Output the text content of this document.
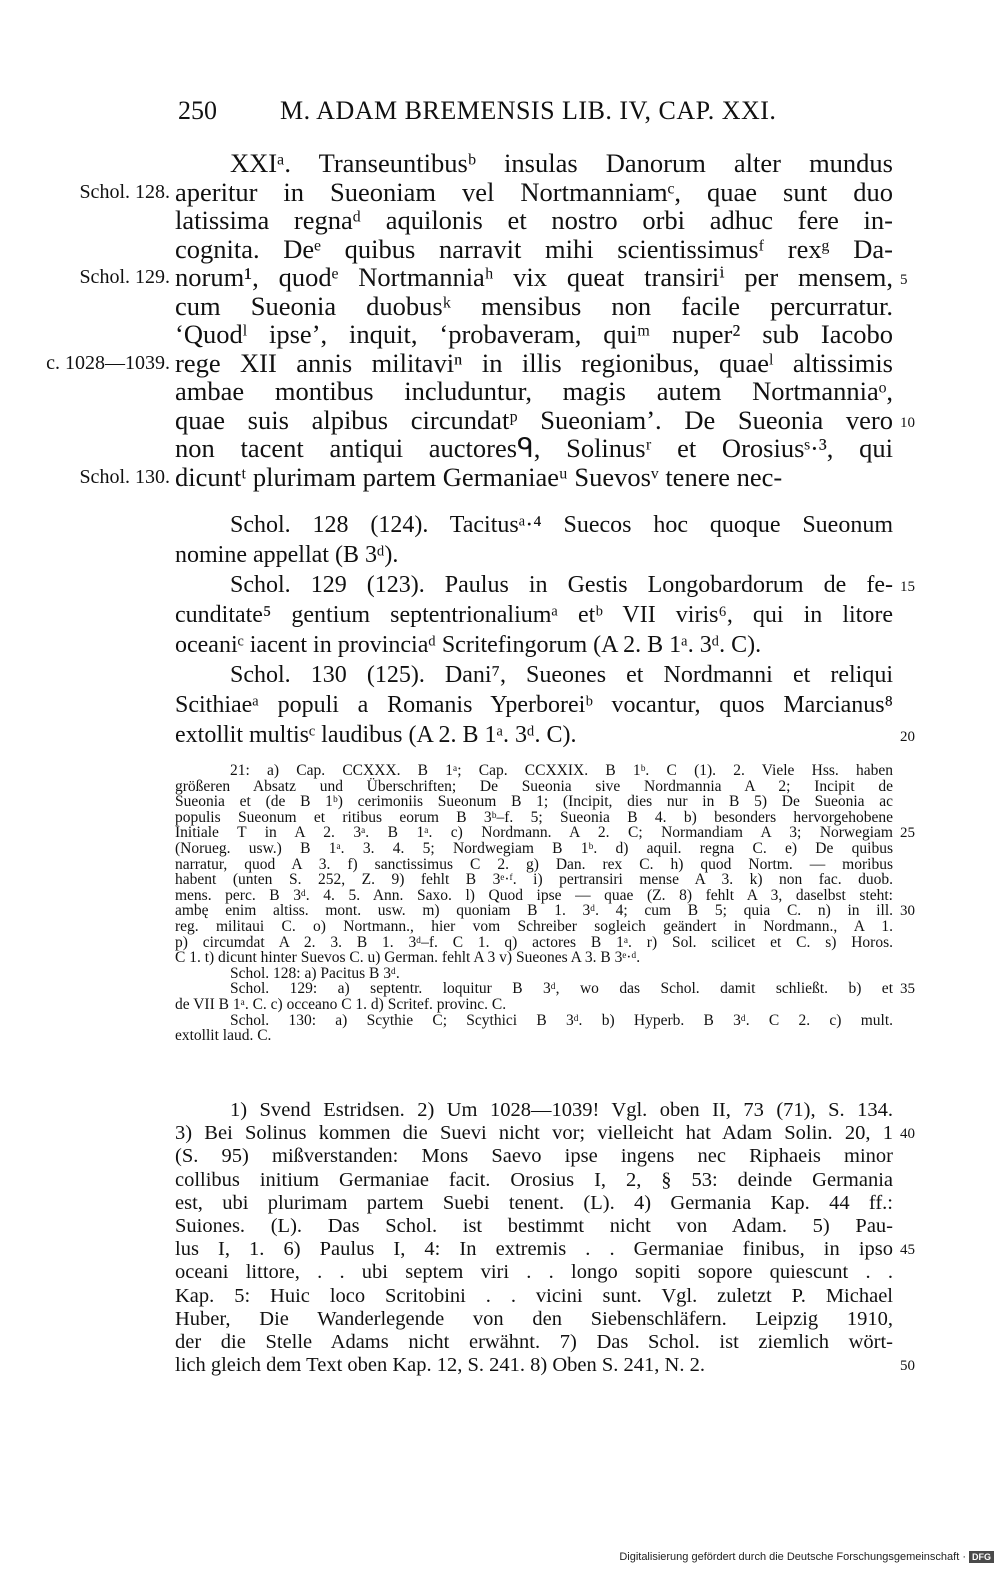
250 M. ADAM BREMENSIS LIB. IV, CAP. XXI.
XXIᵃ. Transeuntibusᵇ insulas Danorum alter mundus
aperitur in Sueoniam vel Nortmanniamᶜ, quae sunt duo
latissima regnaᵈ aquilonis et nostro orbi adhuc fere in-
cognita. Deᵉ quibus narravit mihi scientissimusᶠ rexᵍ Da-
norum¹, quodᵉ Nortmanniaʰ vix queat transiriⁱ per mensem,
cum Sueonia duobusᵏ mensibus non facile percurratur.
‘Quodˡ ipse’, inquit, ‘probaveram, quiᵐ nuper² sub Iacobo
rege XII annis militaviⁿ in illis regionibus, quaeˡ altissimis
ambae montibus includuntur, magis autem Nortmanniaᵒ,
quae suis alpibus circundatᵖ Sueoniam’. De Sueonia vero
non tacent antiqui auctoresᑫ, Solinusʳ et Orosiusˢ·³, qui
dicuntᵗ plurimam partem Germaniaeᵘ Suevosᵛ tenere nec-
Schol. 128.
Schol. 129.
c. 1028—1039.
Schol. 130.
5
10
Schol. 128 (124). Tacitusᵃ·⁴ Suecos hoc quoque Sueonum
nomine appellat (B 3ᵈ).
Schol. 129 (123). Paulus in Gestis Longobardorum de fe-
cunditate⁵ gentium septentrionaliumᵃ etᵇ VII viris⁶, qui in litore
oceaniᶜ iacent in provinciaᵈ Scritefingorum (A 2. B 1ᵃ. 3ᵈ. C).
Schol. 130 (125). Dani⁷, Sueones et Nordmanni et reliqui
Scithiaeᵃ populi a Romanis Yperboreiᵇ vocantur, quos Marcianus⁸
extollit multisᶜ laudibus (A 2. B 1ᵃ. 3ᵈ. C).
15
20
21: a) Cap. CCXXX. B 1ᵃ; Cap. CCXXIX. B 1ᵇ. C (1). 2. Viele Hss. haben
größeren Absatz und Überschriften; De Sueonia sive Nordmannia A 2; Incipit de
Sueonia et (de B 1ᵇ) cerimoniis Sueonum B 1; (Incipit, dies nur in B 5) De Sueonia ac
populis Sueonum et ritibus eorum B 3ᵇ–f. 5; Sueonia B 4. b) besonders hervorgehobene
Initiale T in A 2. 3ᵃ. B 1ᵃ. c) Nordmann. A 2. C; Normandiam A 3; Norwegiam
(Norueg. usw.) B 1ᵃ. 3. 4. 5; Nordwegiam B 1ᵇ. d) aquil. regna C. e) De quibus
narratur, quod A 3. f) sanctissimus C 2. g) Dan. rex C. h) quod Nortm. — moribus
habent (unten S. 252, Z. 9) fehlt B 3ᵉ·ᶠ. i) pertransiri mense A 3. k) non fac. duob.
mens. perc. B 3ᵈ. 4. 5. Ann. Saxo. l) Quod ipse — quae (Z. 8) fehlt A 3, daselbst steht:
ambę enim altiss. mont. usw. m) quoniam B 1. 3ᵈ. 4; cum B 5; quia C. n) in ill.
reg. militaui C. o) Nortmann., hier vom Schreiber sogleich geändert in Nordmann., A 1.
p) circumdat A 2. 3. B 1. 3ᵈ–f. C 1. q) actores B 1ᵃ. r) Sol. scilicet et C. s) Horos.
C 1. t) dicunt hinter Suevos C. u) German. fehlt A 3 v) Sueones A 3. B 3ᵉ·ᵈ.
Schol. 128: a) Pacitus B 3ᵈ.
Schol. 129: a) septentr. loquitur B 3ᵈ, wo das Schol. damit schließt. b) et
de VII B 1ᵃ. C. c) occeano C 1. d) Scritef. provinc. C.
Schol. 130: a) Scythie C; Scythici B 3ᵈ. b) Hyperb. B 3ᵈ. C 2. c) mult.
extollit laud. C.
25
30
35
1) Svend Estridsen. 2) Um 1028—1039! Vgl. oben II, 73 (71), S. 134.
3) Bei Solinus kommen die Suevi nicht vor; vielleicht hat Adam Solin. 20, 1
(S. 95) mißverstanden: Mons Saevo ipse ingens nec Riphaeis minor
collibus initium Germaniae facit. Orosius I, 2, § 53: deinde Germania
est, ubi plurimam partem Suebi tenent. (L). 4) Germania Kap. 44 ff.:
Suiones. (L). Das Schol. ist bestimmt nicht von Adam. 5) Pau-
lus I, 1. 6) Paulus I, 4: In extremis . . Germaniae finibus, in ipso
oceani littore, . . ubi septem viri . . longo sopiti sopore quiescunt . .
Kap. 5: Huic loco Scritobini . . vicini sunt. Vgl. zuletzt P. Michael
Huber, Die Wanderlegende von den Siebenschläfern. Leipzig 1910,
der die Stelle Adams nicht erwähnt. 7) Das Schol. ist ziemlich wört-
lich gleich dem Text oben Kap. 12, S. 241. 8) Oben S. 241, N. 2.
40
45
50
Digitalisierung gefördert durch die Deutsche Forschungsgemeinschaft · DFG
